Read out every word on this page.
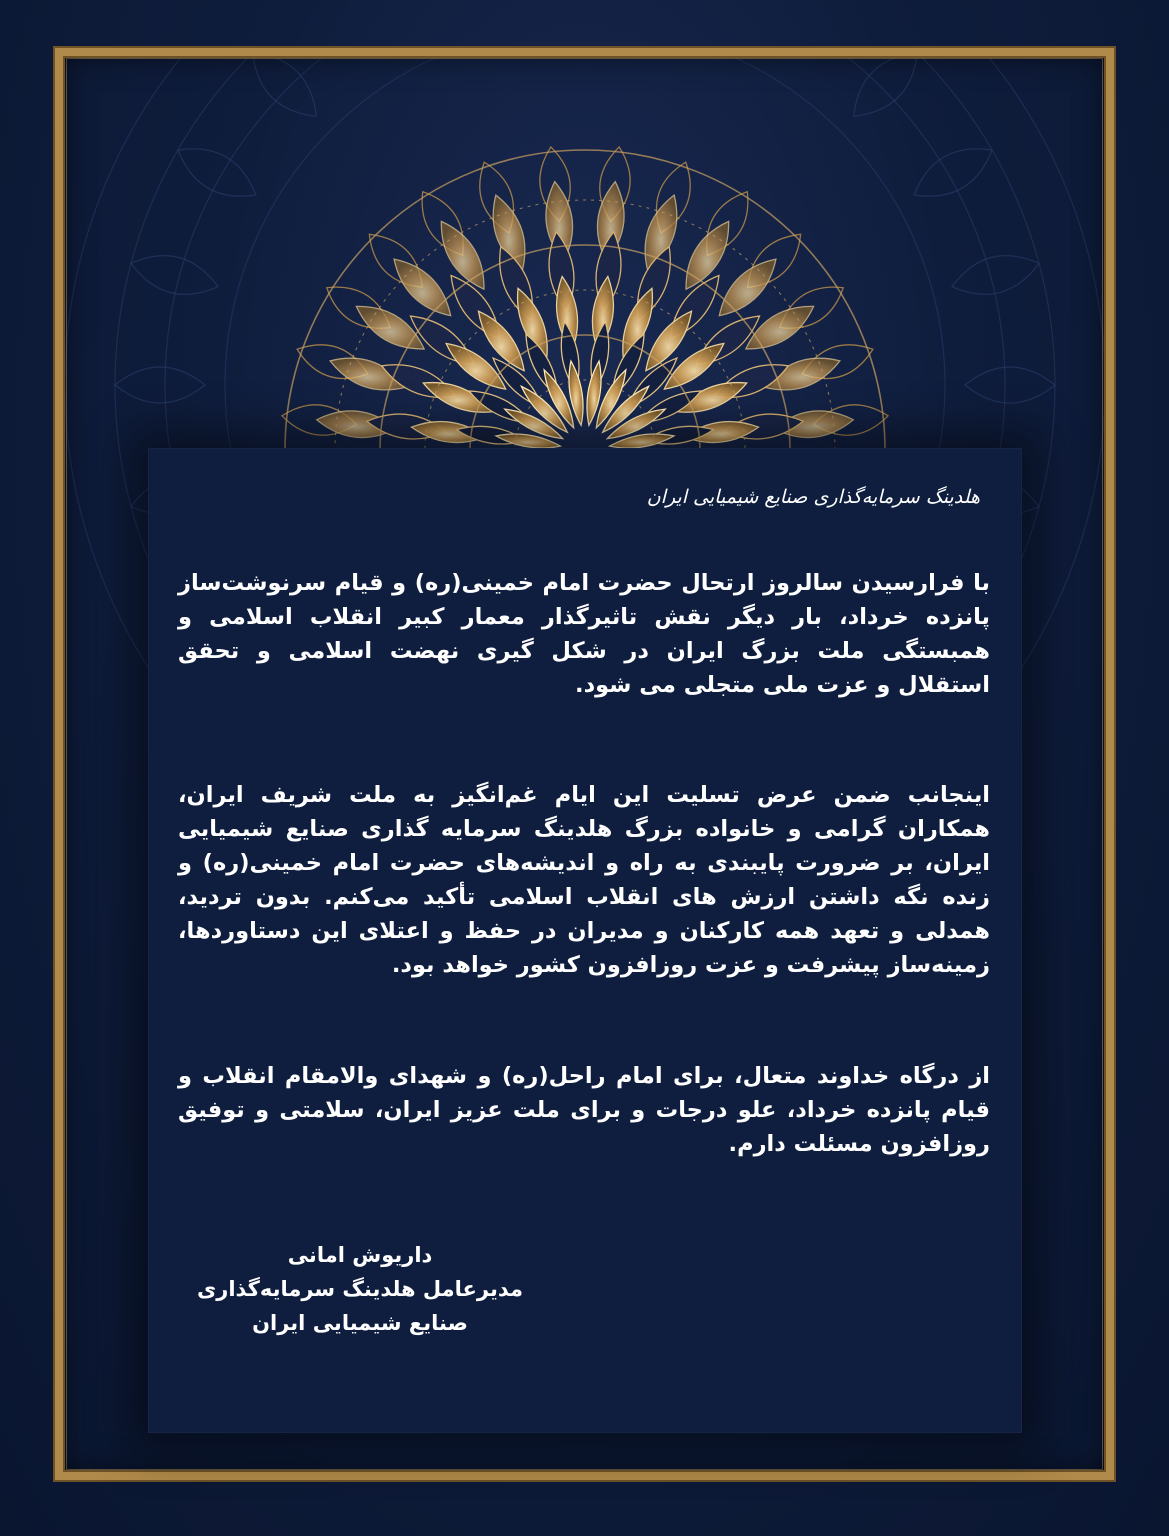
هلدینگ سرمایه‌گذاری صنایع شیمیایی ایران
با فرارسیدن سالروز ارتحال حضرت امام خمینی(ره) و قیام سرنوشت‌ساز پانزده خرداد، بار دیگر نقش تاثیرگذار معمار کبیر انقلاب اسلامی و همبستگی ملت بزرگ ایران در شکل گیری نهضت اسلامی و تحقق استقلال و عزت ملی متجلی می شود.
اینجانب ضمن عرض تسلیت این ایام غم‌انگیز به ملت شریف ایران، همکاران گرامی و خانواده بزرگ هلدینگ سرمایه گذاری صنایع شیمیایی ایران، بر ضرورت پایبندی به راه و اندیشه‌های حضرت امام خمینی(ره) و زنده نگه داشتن ارزش های انقلاب اسلامی تأکید می‌کنم. بدون تردید، همدلی و تعهد همه کارکنان و مدیران در حفظ و اعتلای این دستاوردها، زمینه‌ساز پیشرفت و عزت روزافزون کشور خواهد بود.
از درگاه خداوند متعال، برای امام راحل(ره) و شهدای والامقام انقلاب و قیام پانزده خرداد، علو درجات و برای ملت عزیز ایران، سلامتی و توفیق روزافزون مسئلت دارم.
داریوش امانی
مدیرعامل هلدینگ سرمایه‌گذاری
صنایع شیمیایی ایران
